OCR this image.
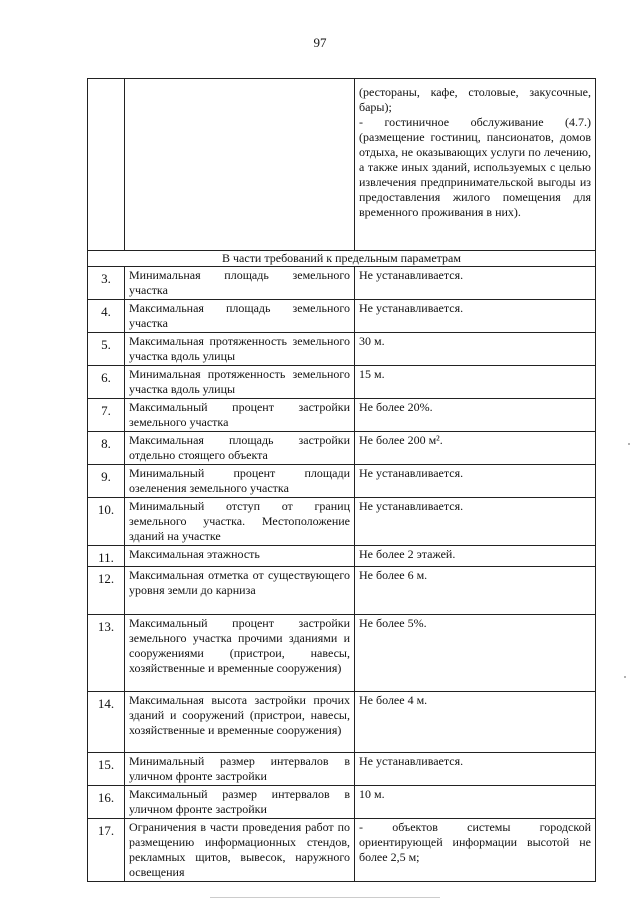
97

		(рестораны, кафе, столовые, закусочные, бары);
- гостиничное обслуживание (4.7.) (размещение гостиниц, пансионатов, домов отдыха, не оказывающих услуги по лечению, а также иных зданий, используемых с целью извлечения предпринимательской выгоды из предоставления жилого помещения для временного проживания в них).

В части требований к предельным параметрам		
3.	Минимальная площадь земельного участка	Не устанавливается.
4.	Максимальная площадь земельного участка	Не устанавливается.
5.	Максимальная протяженность земельного участка вдоль улицы	30 м.
6.	Минимальная протяженность земельного участка вдоль улицы	15 м.
7.	Максимальный процент застройки земельного участка	Не более 20%.
8.	Максимальная площадь застройки отдельно стоящего объекта	Не более 200 м².
9.	Минимальный процент площади озеленения земельного участка	Не устанавливается.
10.	Минимальный отступ от границ земельного участка. Местоположение зданий на участке	Не устанавливается.
11.	Максимальная этажность	Не более 2 этажей.
12.	Максимальная отметка от существующего уровня земли до карниза	Не более 6 м.
13.	Максимальный процент застройки земельного участка прочими зданиями и сооружениями (пристрои, навесы, хозяйственные и временные сооружения)	Не более 5%.
14.	Максимальная высота застройки прочих зданий и сооружений (пристрои, навесы, хозяйственные и временные сооружения)	Не более 4 м.
15.	Минимальный размер интервалов в уличном фронте застройки	Не устанавливается.
16.	Максимальный размер интервалов в уличном фронте застройки	10 м.
17.	Ограничения в части проведения работ по размещению информационных стендов, рекламных щитов, вывесок, наружного освещения	- объектов системы городской ориентирующей информации высотой не более 2,5 м;
